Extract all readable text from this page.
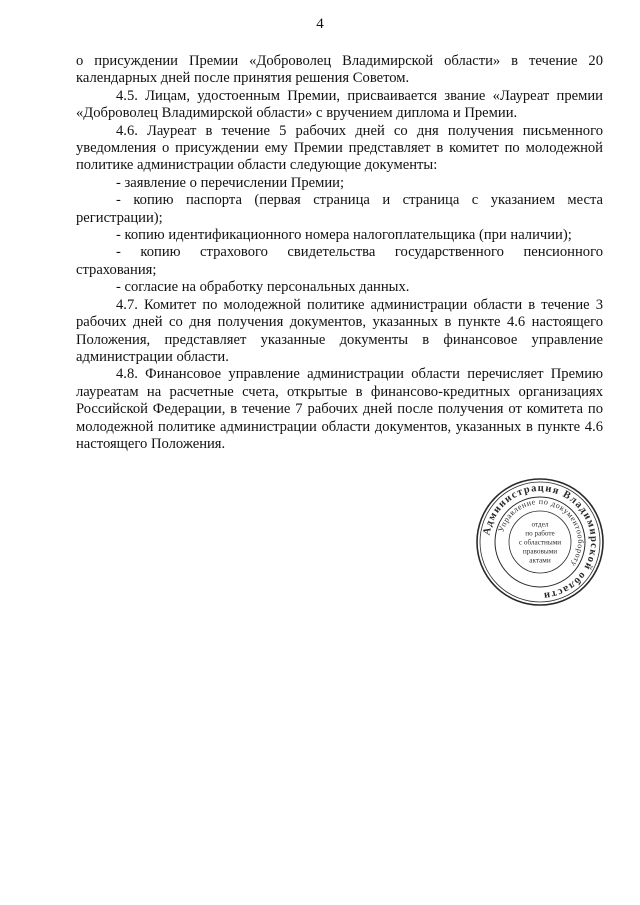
4

о присуждении Премии «Доброволец Владимирской области» в течение 20 календарных дней после принятия решения Советом.

4.5. Лицам, удостоенным Премии, присваивается звание «Лауреат премии «Доброволец Владимирской области» с вручением диплома и Премии.

4.6. Лауреат в течение 5 рабочих дней со дня получения письменного уведомления о присуждении ему Премии представляет в комитет по молодежной политике администрации области следующие документы:

- заявление о перечислении Премии;

- копию паспорта (первая страница и страница с указанием места регистрации);

- копию идентификационного номера налогоплательщика (при наличии);

- копию страхового свидетельства государственного пенсионного страхования;

- согласие на обработку персональных данных.

4.7. Комитет по молодежной политике администрации области в течение 3 рабочих дней со дня получения документов, указанных в пункте 4.6 настоящего Положения, представляет указанные документы в финансовое управление администрации области.

4.8. Финансовое управление администрации области перечисляет Премию лауреатам на расчетные счета, открытые в финансово-кредитных организациях Российской Федерации, в течение 7 рабочих дней после получения от комитета по молодежной политике администрации области документов, указанных в пункте 4.6 настоящего Положения.

Администрация Владимирской области
Управление по документообороту
отдел
по работе
с областными
правовыми
актами
